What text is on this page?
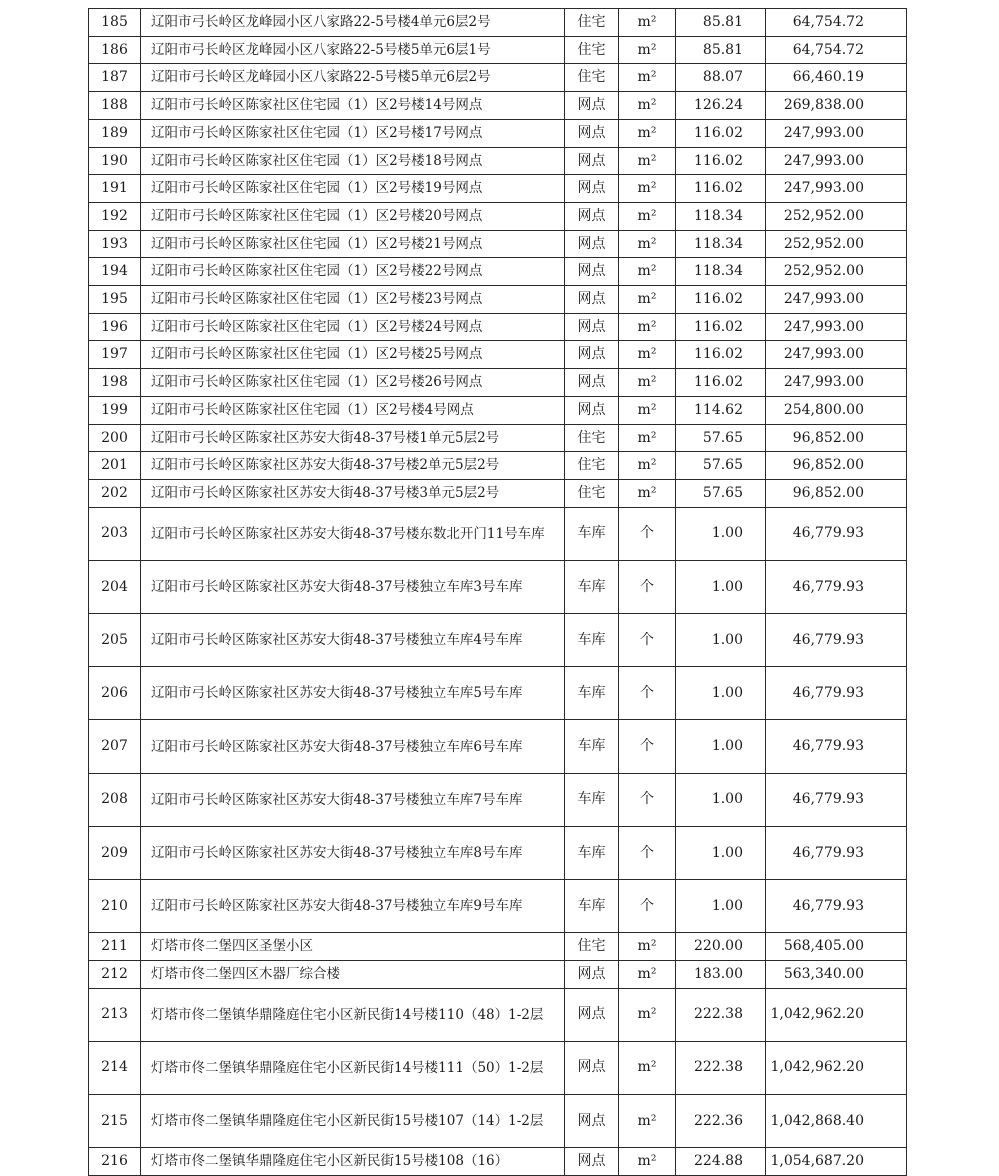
185	辽阳市弓长岭区龙峰园小区八家路22-5号楼4单元6层2号	住宅	m²	85.81	64,754.72
186	辽阳市弓长岭区龙峰园小区八家路22-5号楼5单元6层1号	住宅	m²	85.81	64,754.72
187	辽阳市弓长岭区龙峰园小区八家路22-5号楼5单元6层2号	住宅	m²	88.07	66,460.19
188	辽阳市弓长岭区陈家社区住宅园（1）区2号楼14号网点	网点	m²	126.24	269,838.00
189	辽阳市弓长岭区陈家社区住宅园（1）区2号楼17号网点	网点	m²	116.02	247,993.00
190	辽阳市弓长岭区陈家社区住宅园（1）区2号楼18号网点	网点	m²	116.02	247,993.00
191	辽阳市弓长岭区陈家社区住宅园（1）区2号楼19号网点	网点	m²	116.02	247,993.00
192	辽阳市弓长岭区陈家社区住宅园（1）区2号楼20号网点	网点	m²	118.34	252,952.00
193	辽阳市弓长岭区陈家社区住宅园（1）区2号楼21号网点	网点	m²	118.34	252,952.00
194	辽阳市弓长岭区陈家社区住宅园（1）区2号楼22号网点	网点	m²	118.34	252,952.00
195	辽阳市弓长岭区陈家社区住宅园（1）区2号楼23号网点	网点	m²	116.02	247,993.00
196	辽阳市弓长岭区陈家社区住宅园（1）区2号楼24号网点	网点	m²	116.02	247,993.00
197	辽阳市弓长岭区陈家社区住宅园（1）区2号楼25号网点	网点	m²	116.02	247,993.00
198	辽阳市弓长岭区陈家社区住宅园（1）区2号楼26号网点	网点	m²	116.02	247,993.00
199	辽阳市弓长岭区陈家社区住宅园（1）区2号楼4号网点	网点	m²	114.62	254,800.00
200	辽阳市弓长岭区陈家社区苏安大街48-37号楼1单元5层2号	住宅	m²	57.65	96,852.00
201	辽阳市弓长岭区陈家社区苏安大街48-37号楼2单元5层2号	住宅	m²	57.65	96,852.00
202	辽阳市弓长岭区陈家社区苏安大街48-37号楼3单元5层2号	住宅	m²	57.65	96,852.00
203	辽阳市弓长岭区陈家社区苏安大街48-37号楼东数北开门11号车库	车库	个	1.00	46,779.93
204	辽阳市弓长岭区陈家社区苏安大街48-37号楼独立车库3号车库	车库	个	1.00	46,779.93
205	辽阳市弓长岭区陈家社区苏安大街48-37号楼独立车库4号车库	车库	个	1.00	46,779.93
206	辽阳市弓长岭区陈家社区苏安大街48-37号楼独立车库5号车库	车库	个	1.00	46,779.93
207	辽阳市弓长岭区陈家社区苏安大街48-37号楼独立车库6号车库	车库	个	1.00	46,779.93
208	辽阳市弓长岭区陈家社区苏安大街48-37号楼独立车库7号车库	车库	个	1.00	46,779.93
209	辽阳市弓长岭区陈家社区苏安大街48-37号楼独立车库8号车库	车库	个	1.00	46,779.93
210	辽阳市弓长岭区陈家社区苏安大街48-37号楼独立车库9号车库	车库	个	1.00	46,779.93
211	灯塔市佟二堡四区圣堡小区	住宅	m²	220.00	568,405.00
212	灯塔市佟二堡四区木器厂综合楼	网点	m²	183.00	563,340.00
213	灯塔市佟二堡镇华鼎隆庭住宅小区新民街14号楼110（48）1-2层	网点	m²	222.38	1,042,962.20
214	灯塔市佟二堡镇华鼎隆庭住宅小区新民街14号楼111（50）1-2层	网点	m²	222.38	1,042,962.20
215	灯塔市佟二堡镇华鼎隆庭住宅小区新民街15号楼107（14）1-2层	网点	m²	222.36	1,042,868.40
216	灯塔市佟二堡镇华鼎隆庭住宅小区新民街15号楼108（16）	网点	m²	224.88	1,054,687.20
